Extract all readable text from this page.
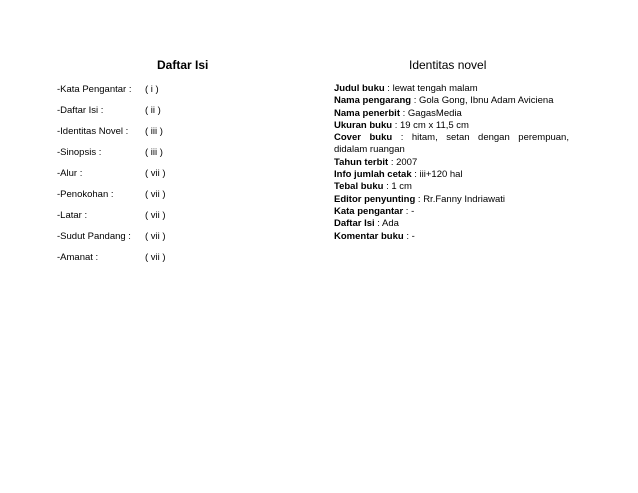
Daftar Isi
-Kata Pengantar : ( i )
-Daftar Isi :	( ii )
-Identitas Novel : ( iii )
-Sinopsis :	( iii )
-Alur :	( vii )
-Penokohan :	( vii )
-Latar :	( vii )
-Sudut Pandang : ( vii )
-Amanat :	( vii )
Identitas novel
Judul buku : lewat tengah malam
Nama pengarang : Gola Gong, Ibnu Adam Aviciena
Nama penerbit : GagasMedia
Ukuran buku : 19 cm x 11,5 cm
Cover buku : hitam, setan dengan perempuan, didalam ruangan
Tahun terbit : 2007
Info jumlah cetak : iii+120 hal
Tebal buku : 1 cm
Editor penyunting : Rr.Fanny Indriawati
Kata pengantar : -
Daftar Isi : Ada
Komentar buku : -
